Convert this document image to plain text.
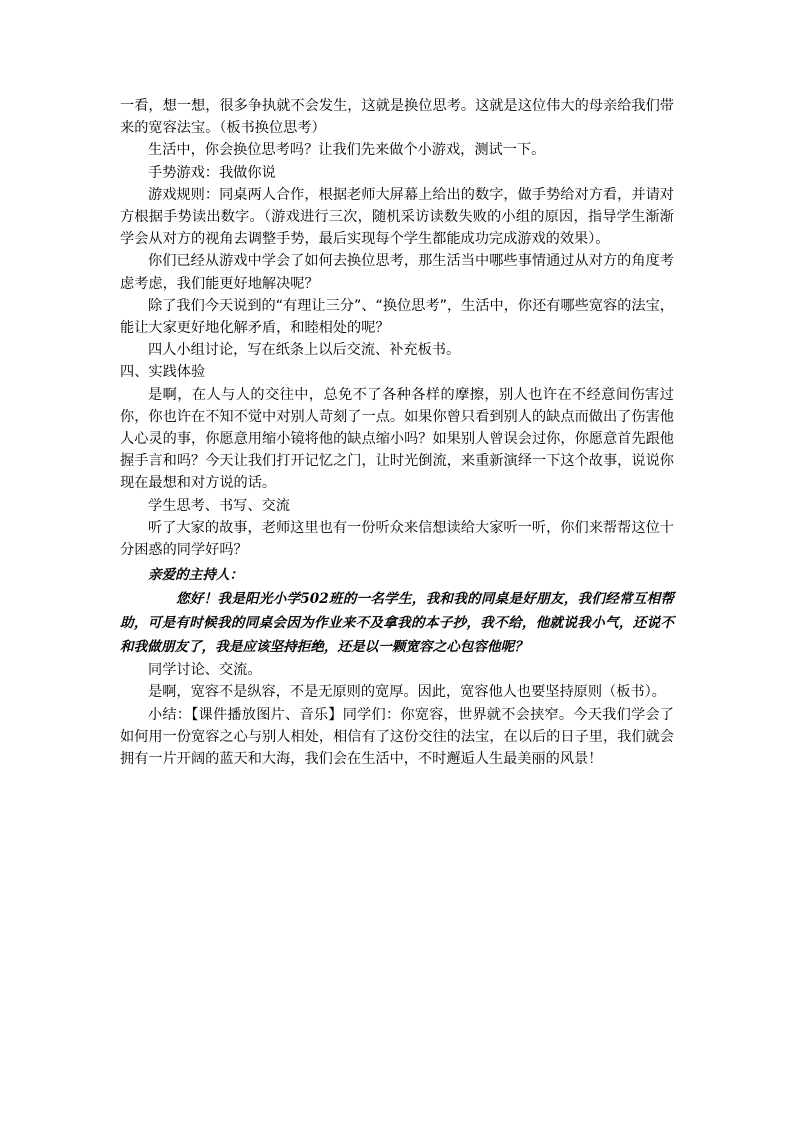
一看，想一想，很多争执就不会发生，这就是换位思考。这就是这位伟大的母亲给我们带来的宽容法宝。（板书换位思考）

生活中，你会换位思考吗？让我们先来做个小游戏，测试一下。

手势游戏：我做你说

游戏规则：同桌两人合作，根据老师大屏幕上给出的数字，做手势给对方看，并请对方根据手势读出数字。（游戏进行三次，随机采访读数失败的小组的原因，指导学生渐渐学会从对方的视角去调整手势，最后实现每个学生都能成功完成游戏的效果）。

你们已经从游戏中学会了如何去换位思考，那生活当中哪些事情通过从对方的角度考虑考虑，我们能更好地解决呢？

除了我们今天说到的“有理让三分”、“换位思考”，生活中，你还有哪些宽容的法宝，能让大家更好地化解矛盾，和睦相处的呢？

四人小组讨论，写在纸条上以后交流、补充板书。

四、实践体验

是啊，在人与人的交往中，总免不了各种各样的摩擦，别人也许在不经意间伤害过你，你也许在不知不觉中对别人苛刻了一点。如果你曾只看到别人的缺点而做出了伤害他人心灵的事，你愿意用缩小镜将他的缺点缩小吗？如果别人曾误会过你，你愿意首先跟他握手言和吗？今天让我们打开记忆之门，让时光倒流，来重新演绎一下这个故事，说说你现在最想和对方说的话。

学生思考、书写、交流

听了大家的故事，老师这里也有一份听众来信想读给大家听一听，你们来帮帮这位十分困惑的同学好吗？

亲爱的主持人：

您好！我是阳光小学502班的一名学生，我和我的同桌是好朋友，我们经常互相帮助，可是有时候我的同桌会因为作业来不及拿我的本子抄，我不给，他就说我小气，还说不和我做朋友了，我是应该坚持拒绝，还是以一颗宽容之心包容他呢？

同学讨论、交流。

是啊，宽容不是纵容，不是无原则的宽厚。因此，宽容他人也要坚持原则（板书）。

小结：【课件播放图片、音乐】同学们：你宽容，世界就不会挟窄。今天我们学会了如何用一份宽容之心与别人相处，相信有了这份交往的法宝，在以后的日子里，我们就会拥有一片开阔的蓝天和大海，我们会在生活中，不时邂逅人生最美丽的风景！
